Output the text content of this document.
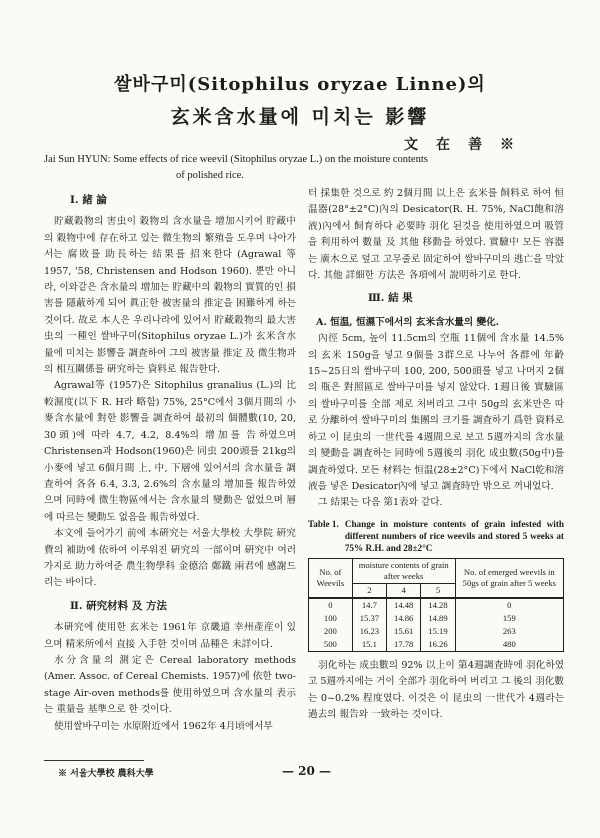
쌀바구미(Sitophilus oryzae Linne)의
玄米含水量에 미치는 影響
文在善※
Jai Sun HYUN: Some effects of rice weevil (Sitophilus oryzae L.) on the moisture contents
of polished rice.
Ⅰ. 緒 論

貯藏穀物의 害虫이 穀物의 含水量을 增加시키어 貯藏中의 穀物中에 存在하고 있는 微生物의 繁殖을 도우며 나아가서는 腐敗를 助長하는 結果를 招來한다 (Agrawal 等 1957, '58, Christensen and Hodson 1960). 뿐만 아니라, 이와같은 含水量의 增加는 貯藏中의 穀物의 實質的인 損害를 隱蔽하게 되어 眞正한 被害量의 推定을 困難하게 하는 것이다. 故로 本人은 우리나라에 있어서 貯藏穀物의 最大害虫의 一種인 쌀바구미(Sitophilus oryzae L.)가 玄米含水量에 미치는 影響을 調査하여 그의 被害量 推定 及 微生物과의 相互關係를 硏究하는 資料로 報告한다.

Agrawal等 (1957)은 Sitophilus granalius (L.)의 比較濕度(以下 R. H라 略함) 75%, 25°C에서 3個月間의 小麥含水量에 對한 影響을 調査하여 最初의 個體數(10, 20, 30頭)에 따라 4.7, 4.2, 8.4%의 增加를 告하였으며 Christensen과 Hodson(1960)은 同虫 200頭를 21kg의 小麥에 넣고 6個月間 上, 中, 下層에 있어서의 含水量을 調査하여 各各 6.4, 3.3, 2.6%의 含水量의 增加를 報告하였으며 同時에 微生物區에서는 含水量의 變動은 없었으며 層에 따르는 變動도 없음을 報告하였다.

本文에 들어가기 前에 本硏究는 서울大學校 大學院 硏究費의 補助에 依하여 이루워진 硏究의 一部이며 硏究中 여러가지로 助力하여준 農生物學科 金德洽 鄭鐵 兩君에 感謝드리는 바이다.

Ⅱ. 硏究材料 及 方法

本硏究에 使用한 玄米는 1961年 京畿道 幸州產産이 있으며 精米所에서 直接 入手한 것이며 品種은 未詳이다.

水分含量의 測定은 Cereal laboratory methods (Amer. Assoc. of Cereal Chemists. 1957)에 依한 two-stage Air-oven methods를 使用하였으며 含水量의 表示는 重量을 基準으로 한 것이다.

使用쌀바구미는 水原附近에서 1962年 4月頃에서부

터 採集한 것으로 約 2個月間 以上은 玄米를 飼料로 하여 恒温器(28°±2°C)內의 Desicator(R. H. 75%, NaCl飽和溶液)內에서 飼育하다 必要時 羽化 된것을 使用하였으며 吸管을 利用하여 數量 及 其他 移動을 하였다. 實驗中 모든 容器는 廣木으로 덮고 고무줄로 固定하여 쌀바구미의 逃亡을 막았다. 其他 詳細한 方法은 各項에서 說明하기로 한다.

Ⅲ. 結 果
A. 恒温, 恒濕下에서의 玄米含水量의 變化.

內徑 5cm, 높이 11.5cm의 空瓶 11個에 含水量 14.5%의 玄米 150g을 넣고 9個를 3群으로 나누어 各群에 年齡 15~25日의 쌀바구미 100, 200, 500頭를 넣고 나머지 2個의 瓶은 對照區로 쌀바구미를 넣지 않았다. 1週日後 實驗區의 쌀바구미를 全部 제로 처버리고 그中 50g의 玄米만은 따로 分離하여 쌀바구미의 集團의 크기를 調査하기 爲한 資料로 하고 이 昆虫의 一世代를 4週間으로 보고 5週까지의 含水量의 變動을 調査하는 同時에 5週後의 羽化 成虫數(50g中)를 調査하였다. 모든 材料는 恒温(28±2°C)下에서 NaCl乾和溶液을 넣은 Desicator內에 넣고 調査時만 밖으로 꺼내었다.

그 結果는 다음 第1表와 같다.

Table 1. Change in moisture contents of grain infested with different numbers of rice weevils and stored 5 weeks at 75% R.H. and 28±2°C
No. of Weevils	moisture contents of grain after weeks			No. of emerged weevils in 50gs of grain after 5 weeks
	2	4	5	
0	14.7	14.48	14.28	0
100	15.37	14.86	14.89	159
200	16.23	15.61	15.19	263
500	15.1	17.78	16.26	480

羽化하는 成虫數의 92% 以上이 第4週調査時에 羽化하였고 5週까지에는 거이 全部가 羽化하여 버리고 그 後의 羽化數는 0~0.2% 程度였다. 이것은 이 昆虫의 一世代가 4週라는 過去의 報告와 一致하는 것이다.

※ 서울大學校 農科大學	— 20 —
